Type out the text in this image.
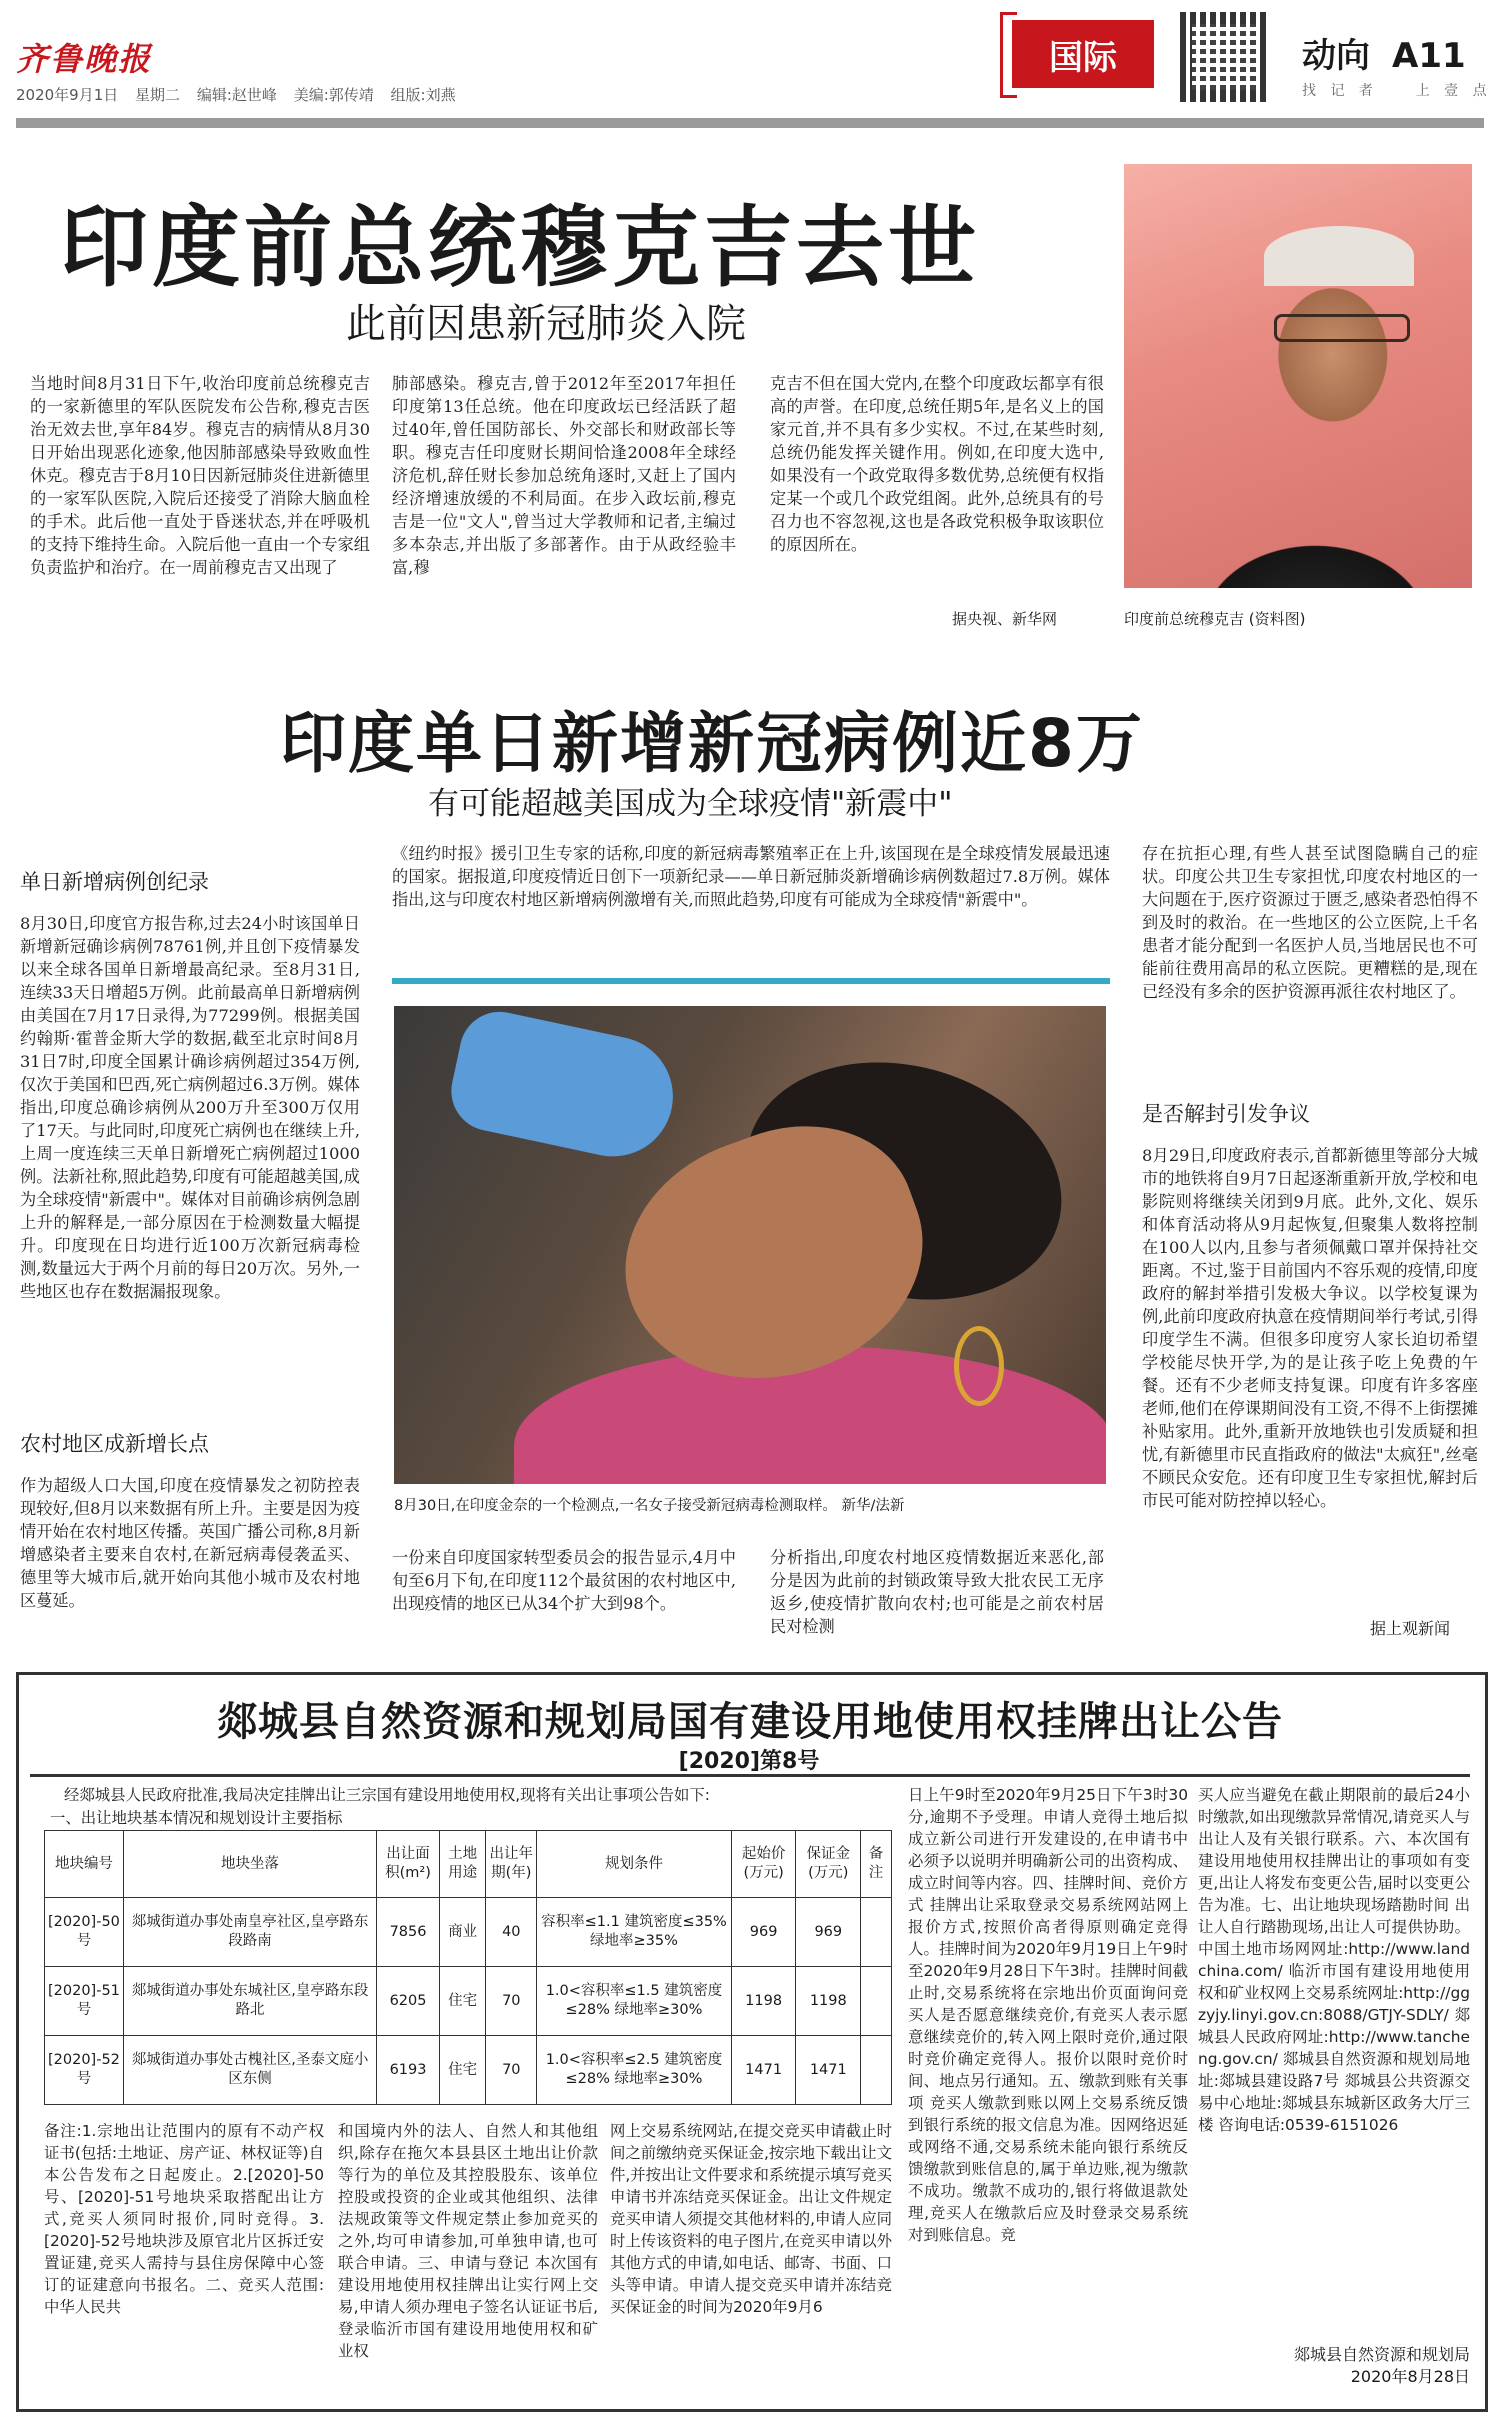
齐鲁晚报
2020年9月1日 星期二 编辑:赵世峰 美编:郭传靖 组版:刘燕
国际	动向 A11
找 记 者	上 壹 点
印度前总统穆克吉去世
此前因患新冠肺炎入院
当地时间8月31日下午,收治印度前总统穆克吉的一家新德里的军队医院发布公告称,穆克吉医治无效去世,享年84岁。穆克吉的病情从8月30日开始出现恶化迹象,他因肺部感染导致败血性休克。穆克吉于8月10日因新冠肺炎住进新德里的一家军队医院,入院后还接受了消除大脑血栓的手术。此后他一直处于昏迷状态,并在呼吸机的支持下维持生命。入院后他一直由一个专家组负责监护和治疗。在一周前穆克吉又出现了
肺部感染。穆克吉,曾于2012年至2017年担任印度第13任总统。他在印度政坛已经活跃了超过40年,曾任国防部长、外交部长和财政部长等职。穆克吉任印度财长期间恰逢2008年全球经济危机,辞任财长参加总统角逐时,又赶上了国内经济增速放缓的不利局面。在步入政坛前,穆克吉是一位"文人",曾当过大学教师和记者,主编过多本杂志,并出版了多部著作。由于从政经验丰富,穆
克吉不但在国大党内,在整个印度政坛都享有很高的声誉。在印度,总统任期5年,是名义上的国家元首,并不具有多少实权。不过,在某些时刻,总统仍能发挥关键作用。例如,在印度大选中,如果没有一个政党取得多数优势,总统便有权指定某一个或几个政党组阁。此外,总统具有的号召力也不容忽视,这也是各政党积极争取该职位的原因所在。
据央视、新华网	印度前总统穆克吉 (资料图)
印度单日新增新冠病例近8万
有可能超越美国成为全球疫情"新震中"
单日新增病例创纪录
8月30日,印度官方报告称,过去24小时该国单日新增新冠确诊病例78761例,并且创下疫情暴发以来全球各国单日新增最高纪录。至8月31日,连续33天日增超5万例。此前最高单日新增病例由美国在7月17日录得,为77299例。根据美国约翰斯·霍普金斯大学的数据,截至北京时间8月31日7时,印度全国累计确诊病例超过354万例,仅次于美国和巴西,死亡病例超过6.3万例。媒体指出,印度总确诊病例从200万升至300万仅用了17天。与此同时,印度死亡病例也在继续上升,上周一度连续三天单日新增死亡病例超过1000例。法新社称,照此趋势,印度有可能超越美国,成为全球疫情"新震中"。媒体对目前确诊病例急剧上升的解释是,一部分原因在于检测数量大幅提升。印度现在日均进行近100万次新冠病毒检测,数量远大于两个月前的每日20万次。另外,一些地区也存在数据漏报现象。
农村地区成新增长点
作为超级人口大国,印度在疫情暴发之初防控表现较好,但8月以来数据有所上升。主要是因为疫情开始在农村地区传播。英国广播公司称,8月新增感染者主要来自农村,在新冠病毒侵袭孟买、德里等大城市后,就开始向其他小城市及农村地区蔓延。
《纽约时报》援引卫生专家的话称,印度的新冠病毒繁殖率正在上升,该国现在是全球疫情发展最迅速的国家。据报道,印度疫情近日创下一项新纪录——单日新冠肺炎新增确诊病例数超过7.8万例。媒体指出,这与印度农村地区新增病例激增有关,而照此趋势,印度有可能成为全球疫情"新震中"。
8月30日,在印度金奈的一个检测点,一名女子接受新冠病毒检测取样。 新华/法新
一份来自印度国家转型委员会的报告显示,4月中旬至6月下旬,在印度112个最贫困的农村地区中,出现疫情的地区已从34个扩大到98个。
分析指出,印度农村地区疫情数据近来恶化,部分是因为此前的封锁政策导致大批农民工无序返乡,使疫情扩散向农村;也可能是之前农村居民对检测
存在抗拒心理,有些人甚至试图隐瞒自己的症状。印度公共卫生专家担忧,印度农村地区的一大问题在于,医疗资源过于匮乏,感染者恐怕得不到及时的救治。在一些地区的公立医院,上千名患者才能分配到一名医护人员,当地居民也不可能前往费用高昂的私立医院。更糟糕的是,现在已经没有多余的医护资源再派往农村地区了。
是否解封引发争议
8月29日,印度政府表示,首都新德里等部分大城市的地铁将自9月7日起逐渐重新开放,学校和电影院则将继续关闭到9月底。此外,文化、娱乐和体育活动将从9月起恢复,但聚集人数将控制在100人以内,且参与者须佩戴口罩并保持社交距离。不过,鉴于目前国内不容乐观的疫情,印度政府的解封举措引发极大争议。以学校复课为例,此前印度政府执意在疫情期间举行考试,引得印度学生不满。但很多印度穷人家长迫切希望学校能尽快开学,为的是让孩子吃上免费的午餐。还有不少老师支持复课。印度有许多客座老师,他们在停课期间没有工资,不得不上街摆摊补贴家用。此外,重新开放地铁也引发质疑和担忧,有新德里市民直指政府的做法"太疯狂",丝毫不顾民众安危。还有印度卫生专家担忧,解封后市民可能对防控掉以轻心。
据上观新闻
郯城县自然资源和规划局国有建设用地使用权挂牌出让公告
[2020]第8号
经郯城县人民政府批准,我局决定挂牌出让三宗国有建设用地使用权,现将有关出让事项公告如下:
一、出让地块基本情况和规划设计主要指标
地块编号	地块坐落	出让面积(m²)	土地用途	出让年期(年)	规划条件	起始价(万元)	保证金(万元)	备注
[2020]-50号	郯城街道办事处南皇亭社区,皇亭路东段路南	7856	商业	40	容积率≤1.1 建筑密度≤35% 绿地率≥35%	969	969	
[2020]-51号	郯城街道办事处东城社区,皇亭路东段路北	6205	住宅	70	1.0<容积率≤1.5 建筑密度≤28% 绿地率≥30%	1198	1198	
[2020]-52号	郯城街道办事处古槐社区,圣泰文庭小区东侧	6193	住宅	70	1.0<容积率≤2.5 建筑密度≤28% 绿地率≥30%	1471	1471	
备注:1.宗地出让范围内的原有不动产权证书(包括:土地证、房产证、林权证等)自本公告发布之日起废止。2.[2020]-50号、[2020]-51号地块采取搭配出让方式,竞买人须同时报价,同时竞得。3.[2020]-52号地块涉及原官北片区拆迁安置证建,竞买人需持与县住房保障中心签订的证建意向书报名。二、竞买人范围:中华人民共
和国境内外的法人、自然人和其他组织,除存在拖欠本县县区土地出让价款等行为的单位及其控股股东、该单位控股或投资的企业或其他组织、法律法规政策等文件规定禁止参加竞买的之外,均可申请参加,可单独申请,也可联合申请。三、申请与登记 本次国有建设用地使用权挂牌出让实行网上交易,申请人须办理电子签名认证证书后,登录临沂市国有建设用地使用权和矿业权
网上交易系统网站,在提交竞买申请截止时间之前缴纳竞买保证金,按宗地下载出让文件,并按出让文件要求和系统提示填写竞买申请书并冻结竞买保证金。出让文件规定竞买申请人须提交其他材料的,申请人应同时上传该资料的电子图片,在竞买申请以外其他方式的申请,如电话、邮寄、书面、口头等申请。申请人提交竞买申请并冻结竞买保证金的时间为2020年9月6
日上午9时至2020年9月25日下午3时30分,逾期不予受理。申请人竞得土地后拟成立新公司进行开发建设的,在申请书中必须予以说明并明确新公司的出资构成、成立时间等内容。四、挂牌时间、竞价方式 挂牌出让采取登录交易系统网站网上报价方式,按照价高者得原则确定竞得人。挂牌时间为2020年9月19日上午9时至2020年9月28日下午3时。挂牌时间截止时,交易系统将在宗地出价页面询问竞买人是否愿意继续竞价,有竞买人表示愿意继续竞价的,转入网上限时竞价,通过限时竞价确定竞得人。报价以限时竞价时间、地点另行通知。五、缴款到账有关事项 竞买人缴款到账以网上交易系统反馈到银行系统的报文信息为准。因网络迟延或网络不通,交易系统未能向银行系统反馈缴款到账信息的,属于单边账,视为缴款不成功。缴款不成功的,银行将做退款处理,竞买人在缴款后应及时登录交易系统对到账信息。竞
买人应当避免在截止期限前的最后24小时缴款,如出现缴款异常情况,请竞买人与出让人及有关银行联系。六、本次国有建设用地使用权挂牌出让的事项如有变更,出让人将发布变更公告,届时以变更公告为准。七、出让地块现场踏勘时间 出让人自行踏勘现场,出让人可提供协助。中国土地市场网网址:http://www.landchina.com/ 临沂市国有建设用地使用权和矿业权网上交易系统网址:http://ggzyjy.linyi.gov.cn:8088/GTJY-SDLY/ 郯城县人民政府网址:http://www.tancheng.gov.cn/ 郯城县自然资源和规划局地址:郯城县建设路7号 郯城县公共资源交易中心地址:郯城县东城新区政务大厅三楼 咨询电话:0539-6151026
郯城县自然资源和规划局
2020年8月28日
